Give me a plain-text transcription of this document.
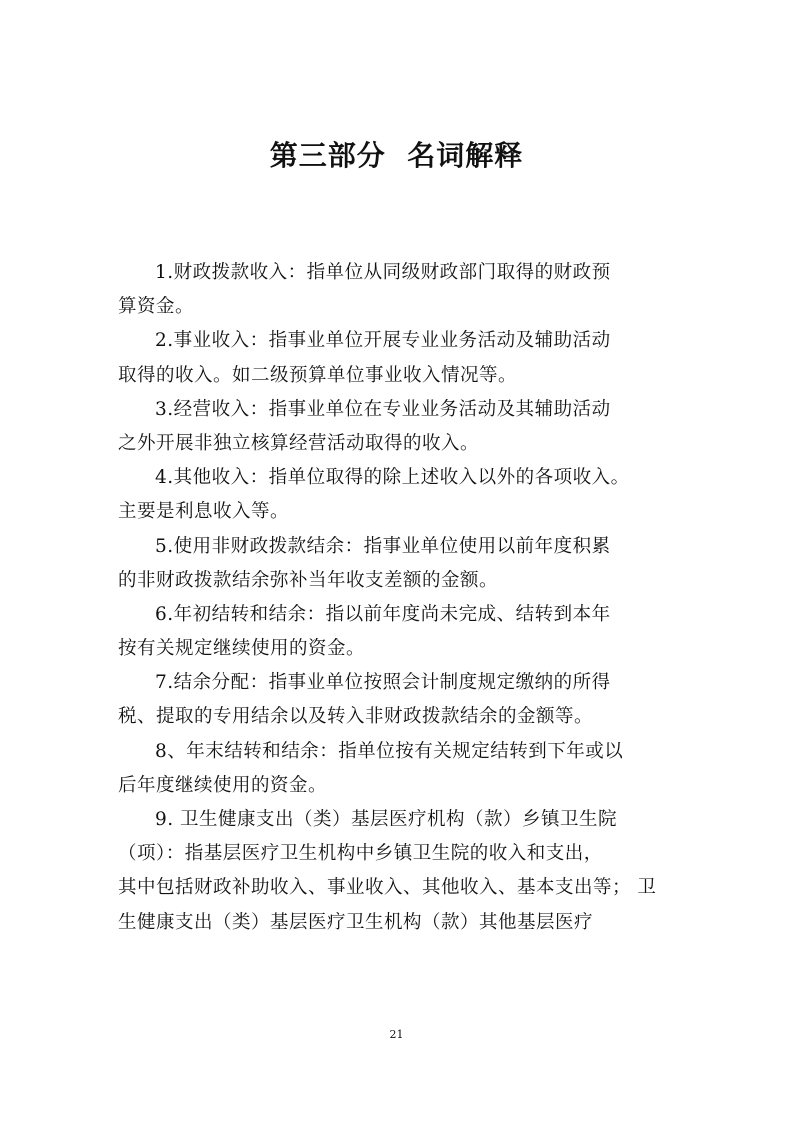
第三部分  名词解释
1.财政拨款收入：指单位从同级财政部门取得的财政预
算资金。
2.事业收入：指事业单位开展专业业务活动及辅助活动
取得的收入。如二级预算单位事业收入情况等。
3.经营收入：指事业单位在专业业务活动及其辅助活动
之外开展非独立核算经营活动取得的收入。
4.其他收入：指单位取得的除上述收入以外的各项收入。
主要是利息收入等。
5.使用非财政拨款结余：指事业单位使用以前年度积累
的非财政拨款结余弥补当年收支差额的金额。
6.年初结转和结余：指以前年度尚未完成、结转到本年
按有关规定继续使用的资金。
7.结余分配：指事业单位按照会计制度规定缴纳的所得
税、提取的专用结余以及转入非财政拨款结余的金额等。
8、年末结转和结余：指单位按有关规定结转到下年或以
后年度继续使用的资金。
9. 卫生健康支出（类）基层医疗机构（款）乡镇卫生院
（项）：指基层医疗卫生机构中乡镇卫生院的收入和支出，
其中包括财政补助收入、事业收入、其他收入、基本支出等； 卫
生健康支出（类）基层医疗卫生机构（款）其他基层医疗
21
